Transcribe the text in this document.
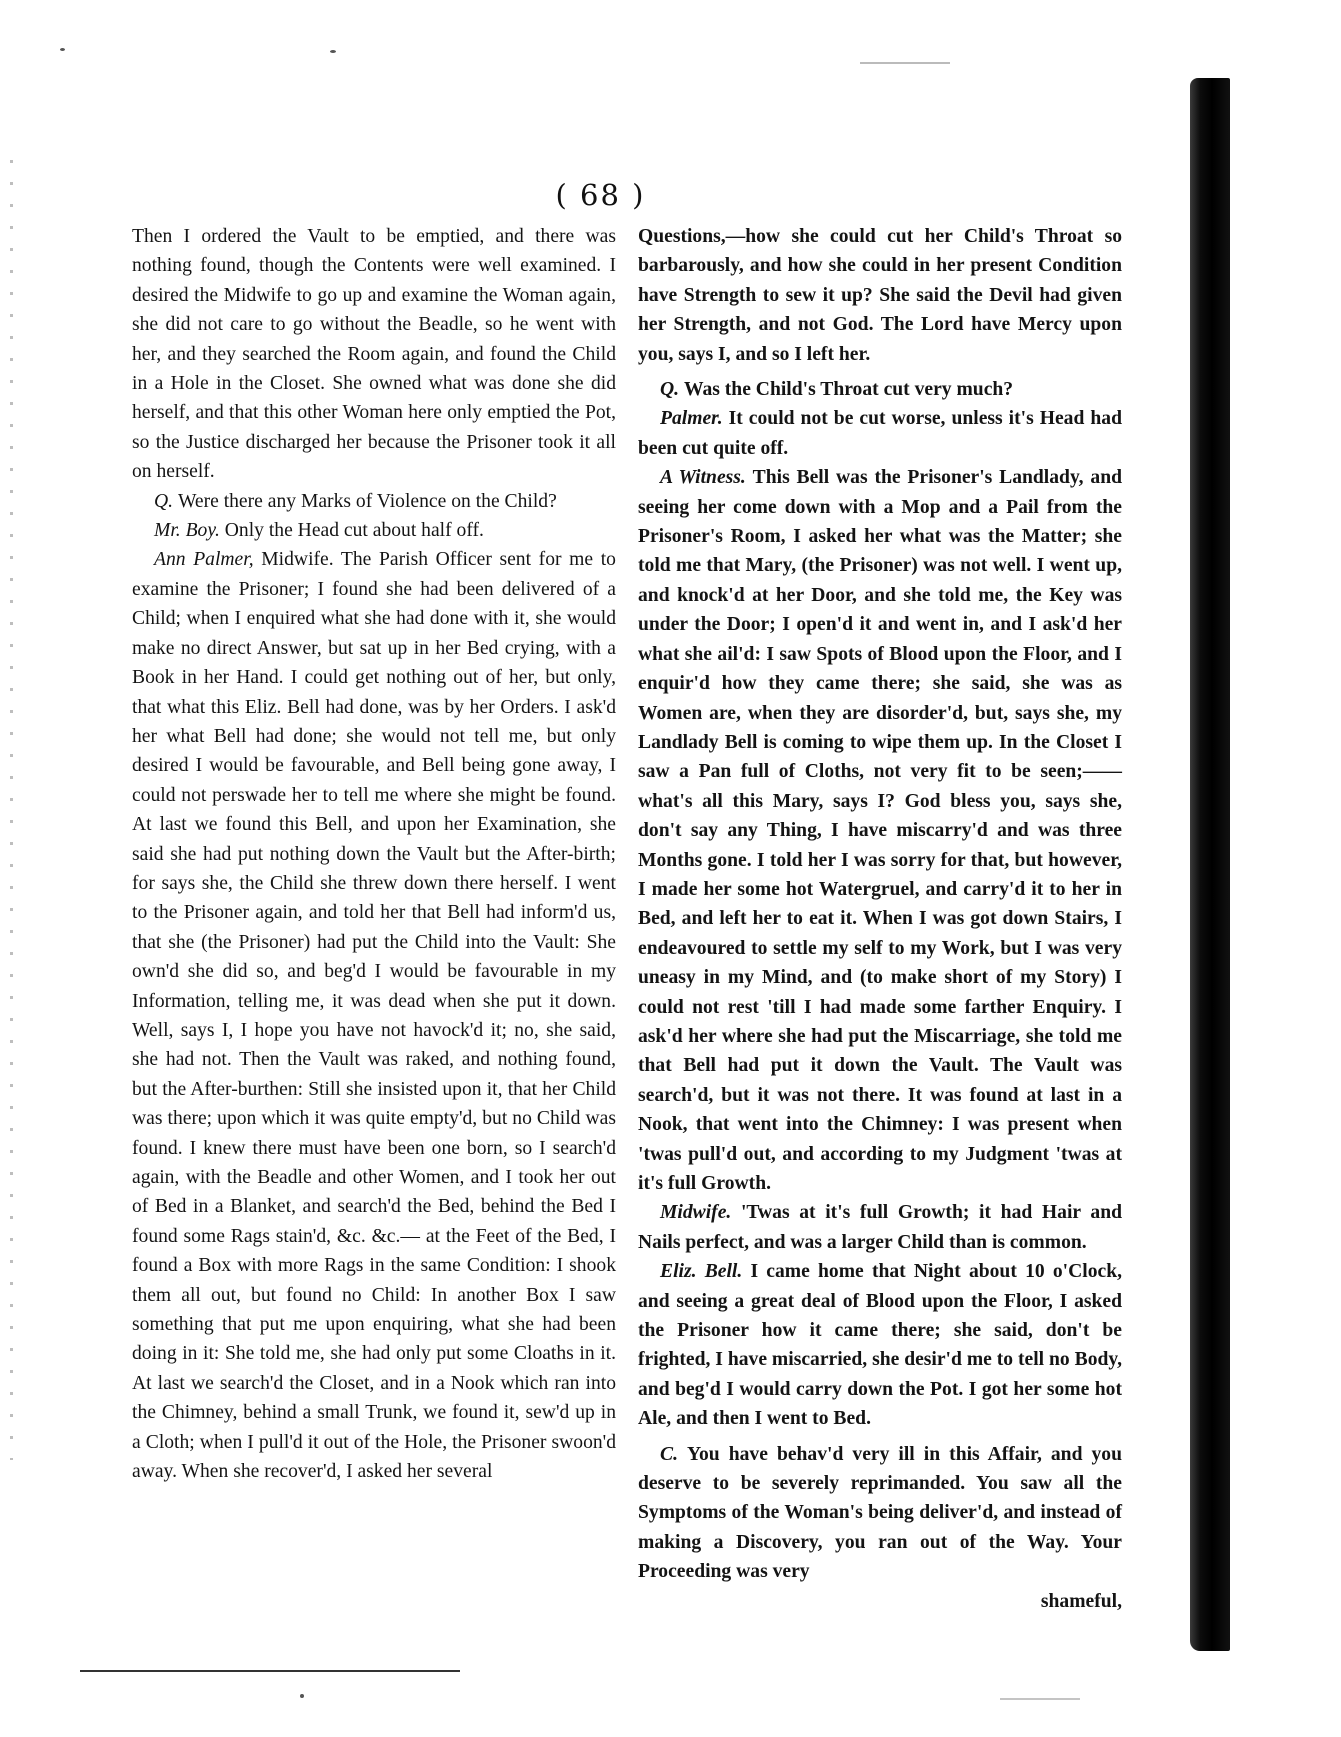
( 68 )

Then I ordered the Vault to be emptied, and there was nothing found, though the Contents were well examined. I desired the Midwife to go up and examine the Woman again, she did not care to go without the Beadle, so he went with her, and they searched the Room again, and found the Child in a Hole in the Closet. She owned what was done she did herself, and that this other Woman here only emptied the Pot, so the Justice discharged her because the Prisoner took it all on herself.

Q. Were there any Marks of Violence on the Child?

Mr. Boy. Only the Head cut about half off.

Ann Palmer, Midwife. The Parish Officer sent for me to examine the Prisoner; I found she had been delivered of a Child; when I enquired what she had done with it, she would make no direct Answer, but sat up in her Bed crying, with a Book in her Hand. I could get nothing out of her, but only, that what this Eliz. Bell had done, was by her Orders. I ask'd her what Bell had done; she would not tell me, but only desired I would be favourable, and Bell being gone away, I could not perswade her to tell me where she might be found. At last we found this Bell, and upon her Examination, she said she had put nothing down the Vault but the After-birth; for says she, the Child she threw down there herself. I went to the Prisoner again, and told her that Bell had inform'd us, that she (the Prisoner) had put the Child into the Vault: She own'd she did so, and beg'd I would be favourable in my Information, telling me, it was dead when she put it down. Well, says I, I hope you have not havock'd it; no, she said, she had not. Then the Vault was raked, and nothing found, but the After-burthen: Still she insisted upon it, that her Child was there; upon which it was quite empty'd, but no Child was found. I knew there must have been one born, so I search'd again, with the Beadle and other Women, and I took her out of Bed in a Blanket, and search'd the Bed, behind the Bed I found some Rags stain'd, &c. &c.— at the Feet of the Bed, I found a Box with more Rags in the same Condition: I shook them all out, but found no Child: In another Box I saw something that put me upon enquiring, what she had been doing in it: She told me, she had only put some Cloaths in it. At last we search'd the Closet, and in a Nook which ran into the Chimney, behind a small Trunk, we found it, sew'd up in a Cloth; when I pull'd it out of the Hole, the Prisoner swoon'd away. When she recover'd, I asked her several

Questions,—how she could cut her Child's Throat so barbarously, and how she could in her present Condition have Strength to sew it up? She said the Devil had given her Strength, and not God. The Lord have Mercy upon you, says I, and so I left her.

Q. Was the Child's Throat cut very much?

Palmer. It could not be cut worse, unless it's Head had been cut quite off.

A Witness. This Bell was the Prisoner's Landlady, and seeing her come down with a Mop and a Pail from the Prisoner's Room, I asked her what was the Matter; she told me that Mary, (the Prisoner) was not well. I went up, and knock'd at her Door, and she told me, the Key was under the Door; I open'd it and went in, and I ask'd her what she ail'd: I saw Spots of Blood upon the Floor, and I enquir'd how they came there; she said, she was as Women are, when they are disorder'd, but, says she, my Landlady Bell is coming to wipe them up. In the Closet I saw a Pan full of Cloths, not very fit to be seen;—— what's all this Mary, says I? God bless you, says she, don't say any Thing, I have miscarry'd and was three Months gone. I told her I was sorry for that, but however, I made her some hot Watergruel, and carry'd it to her in Bed, and left her to eat it. When I was got down Stairs, I endeavoured to settle my self to my Work, but I was very uneasy in my Mind, and (to make short of my Story) I could not rest 'till I had made some farther Enquiry. I ask'd her where she had put the Miscarriage, she told me that Bell had put it down the Vault. The Vault was search'd, but it was not there. It was found at last in a Nook, that went into the Chimney: I was present when 'twas pull'd out, and according to my Judgment 'twas at it's full Growth.

Midwife. 'Twas at it's full Growth; it had Hair and Nails perfect, and was a larger Child than is common.

Eliz. Bell. I came home that Night about 10 o'Clock, and seeing a great deal of Blood upon the Floor, I asked the Prisoner how it came there; she said, don't be frighted, I have miscarried, she desir'd me to tell no Body, and beg'd I would carry down the Pot. I got her some hot Ale, and then I went to Bed.

C. You have behav'd very ill in this Affair, and you deserve to be severely reprimanded. You saw all the Symptoms of the Woman's being deliver'd, and instead of making a Discovery, you ran out of the Way. Your Proceeding was very

shameful,
